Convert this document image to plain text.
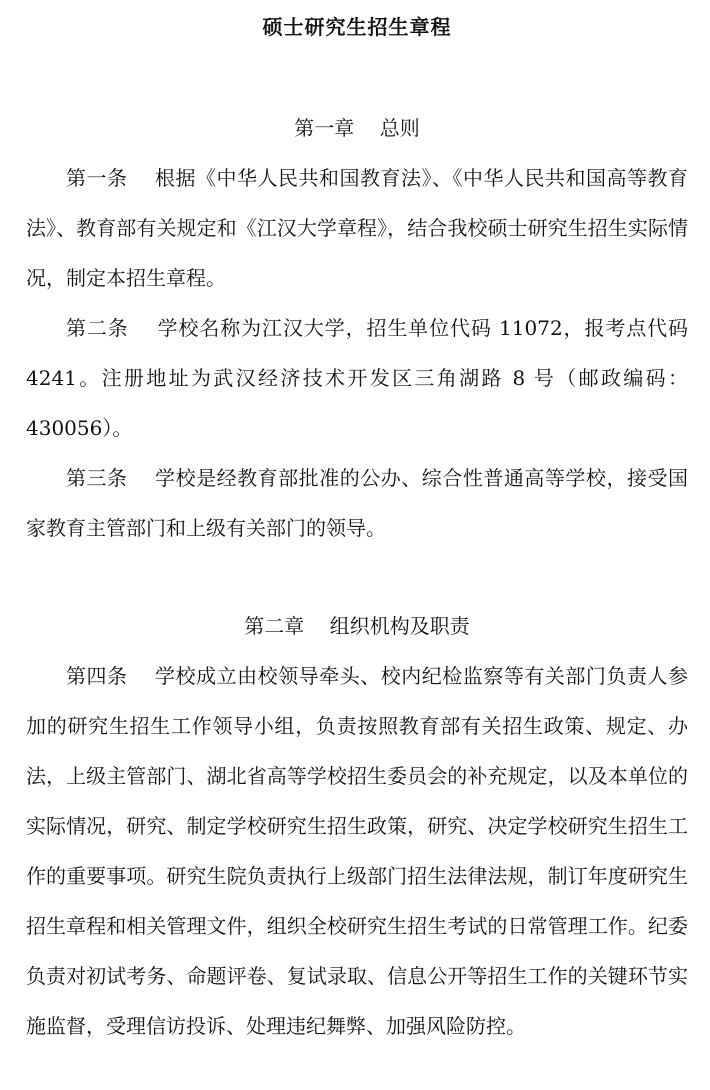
硕士研究生招生章程
第一章    总则

第一条    根据《中华人民共和国教育法》、《中华人民共和国高等教育法》、教育部有关规定和《江汉大学章程》，结合我校硕士研究生招生实际情况，制定本招生章程。

第二条    学校名称为江汉大学，招生单位代码 11072，报考点代码 4241。注册地址为武汉经济技术开发区三角湖路 8 号（邮政编码：430056）。

第三条    学校是经教育部批准的公办、综合性普通高等学校，接受国家教育主管部门和上级有关部门的领导。

第二章    组织机构及职责

第四条    学校成立由校领导牵头、校内纪检监察等有关部门负责人参加的研究生招生工作领导小组，负责按照教育部有关招生政策、规定、办法，上级主管部门、湖北省高等学校招生委员会的补充规定，以及本单位的实际情况，研究、制定学校研究生招生政策，研究、决定学校研究生招生工作的重要事项。研究生院负责执行上级部门招生法律法规，制订年度研究生招生章程和相关管理文件，组织全校研究生招生考试的日常管理工作。纪委负责对初试考务、命题评卷、复试录取、信息公开等招生工作的关键环节实施监督，受理信访投诉、处理违纪舞弊、加强风险防控。
